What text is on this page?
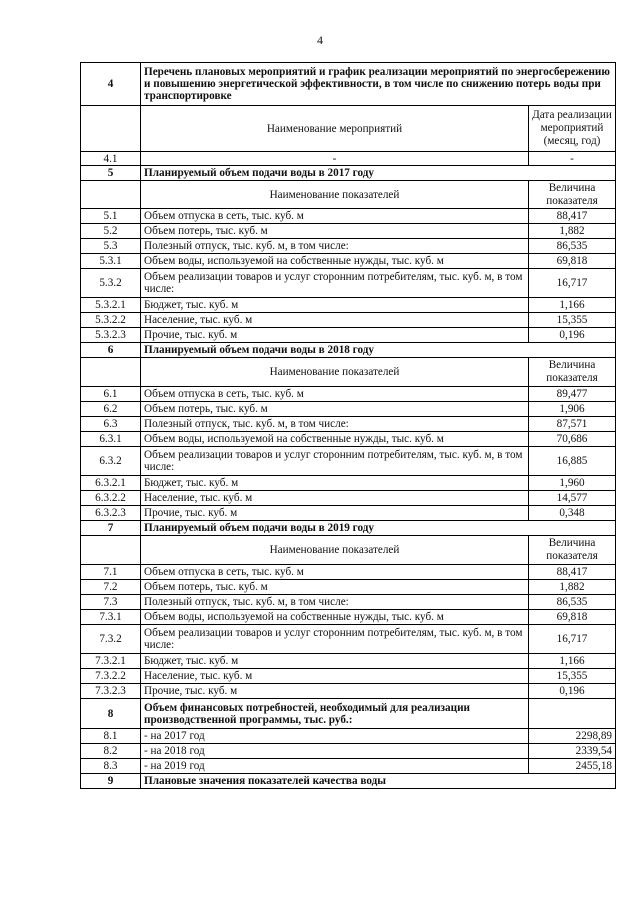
4
4	Перечень плановых мероприятий и график реализации мероприятий по энергосбережению и повышению энергетической эффективности, в том числе по снижению потерь воды при транспортировке	
	Наименование мероприятий	Дата реализации мероприятий (месяц, год)
4.1	-	-
5	Планируемый объем подачи воды в 2017 году	
	Наименование показателей	Величина показателя
5.1	Объем отпуска в сеть, тыс. куб. м	88,417
5.2	Объем потерь, тыс. куб. м	1,882
5.3	Полезный отпуск, тыс. куб. м, в том числе:	86,535
5.3.1	Объем воды, используемой на собственные нужды, тыс. куб. м	69,818
5.3.2	Объем реализации товаров и услуг сторонним потребителям, тыс. куб. м, в том числе:	16,717
5.3.2.1	Бюджет, тыс. куб. м	1,166
5.3.2.2	Население, тыс. куб. м	15,355
5.3.2.3	Прочие, тыс. куб. м	0,196
6	Планируемый объем подачи воды в 2018 году	
	Наименование показателей	Величина показателя
6.1	Объем отпуска в сеть, тыс. куб. м	89,477
6.2	Объем потерь, тыс. куб. м	1,906
6.3	Полезный отпуск, тыс. куб. м, в том числе:	87,571
6.3.1	Объем воды, используемой на собственные нужды, тыс. куб. м	70,686
6.3.2	Объем реализации товаров и услуг сторонним потребителям, тыс. куб. м, в том числе:	16,885
6.3.2.1	Бюджет, тыс. куб. м	1,960
6.3.2.2	Население, тыс. куб. м	14,577
6.3.2.3	Прочие, тыс. куб. м	0,348
7	Планируемый объем подачи воды в 2019 году	
	Наименование показателей	Величина показателя
7.1	Объем отпуска в сеть, тыс. куб. м	88,417
7.2	Объем потерь, тыс. куб. м	1,882
7.3	Полезный отпуск, тыс. куб. м, в том числе:	86,535
7.3.1	Объем воды, используемой на собственные нужды, тыс. куб. м	69,818
7.3.2	Объем реализации товаров и услуг сторонним потребителям, тыс. куб. м, в том числе:	16,717
7.3.2.1	Бюджет, тыс. куб. м	1,166
7.3.2.2	Население, тыс. куб. м	15,355
7.3.2.3	Прочие, тыс. куб. м	0,196
8	Объем финансовых потребностей, необходимый для реализации производственной программы, тыс. руб.:	
8.1	- на 2017 год	2298,89
8.2	- на 2018 год	2339,54
8.3	- на 2019 год	2455,18
9	Плановые значения показателей качества воды	
